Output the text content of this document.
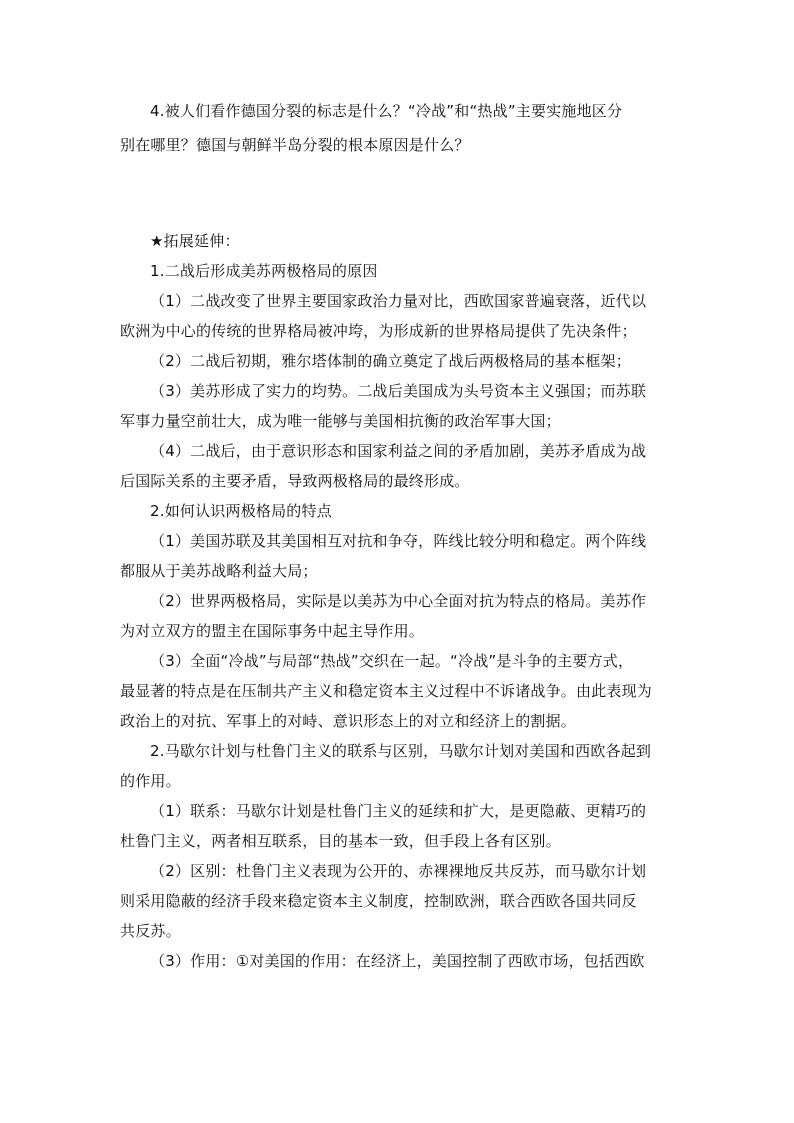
4.被人们看作德国分裂的标志是什么？“冷战”和“热战”主要实施地区分
别在哪里？德国与朝鲜半岛分裂的根本原因是什么？
★拓展延伸：
1.二战后形成美苏两极格局的原因
（1）二战改变了世界主要国家政治力量对比，西欧国家普遍衰落，近代以
欧洲为中心的传统的世界格局被冲垮，为形成新的世界格局提供了先决条件；
（2）二战后初期，雅尔塔体制的确立奠定了战后两极格局的基本框架；
（3）美苏形成了实力的均势。二战后美国成为头号资本主义强国；而苏联
军事力量空前壮大，成为唯一能够与美国相抗衡的政治军事大国；
（4）二战后，由于意识形态和国家利益之间的矛盾加剧，美苏矛盾成为战
后国际关系的主要矛盾，导致两极格局的最终形成。
2.如何认识两极格局的特点
（1）美国苏联及其美国相互对抗和争夺，阵线比较分明和稳定。两个阵线
都服从于美苏战略利益大局；
（2）世界两极格局，实际是以美苏为中心全面对抗为特点的格局。美苏作
为对立双方的盟主在国际事务中起主导作用。
（3）全面“冷战”与局部“热战”交织在一起。“冷战”是斗争的主要方式，
最显著的特点是在压制共产主义和稳定资本主义过程中不诉诸战争。由此表现为
政治上的对抗、军事上的对峙、意识形态上的对立和经济上的割据。
2.马歇尔计划与杜鲁门主义的联系与区别，马歇尔计划对美国和西欧各起到
的作用。
（1）联系：马歇尔计划是杜鲁门主义的延续和扩大，是更隐蔽、更精巧的
杜鲁门主义，两者相互联系，目的基本一致，但手段上各有区别。
（2）区别：杜鲁门主义表现为公开的、赤裸裸地反共反苏，而马歇尔计划
则采用隐蔽的经济手段来稳定资本主义制度，控制欧洲，联合西欧各国共同反
共反苏。
（3）作用：①对美国的作用：在经济上，美国控制了西欧市场，包括西欧
